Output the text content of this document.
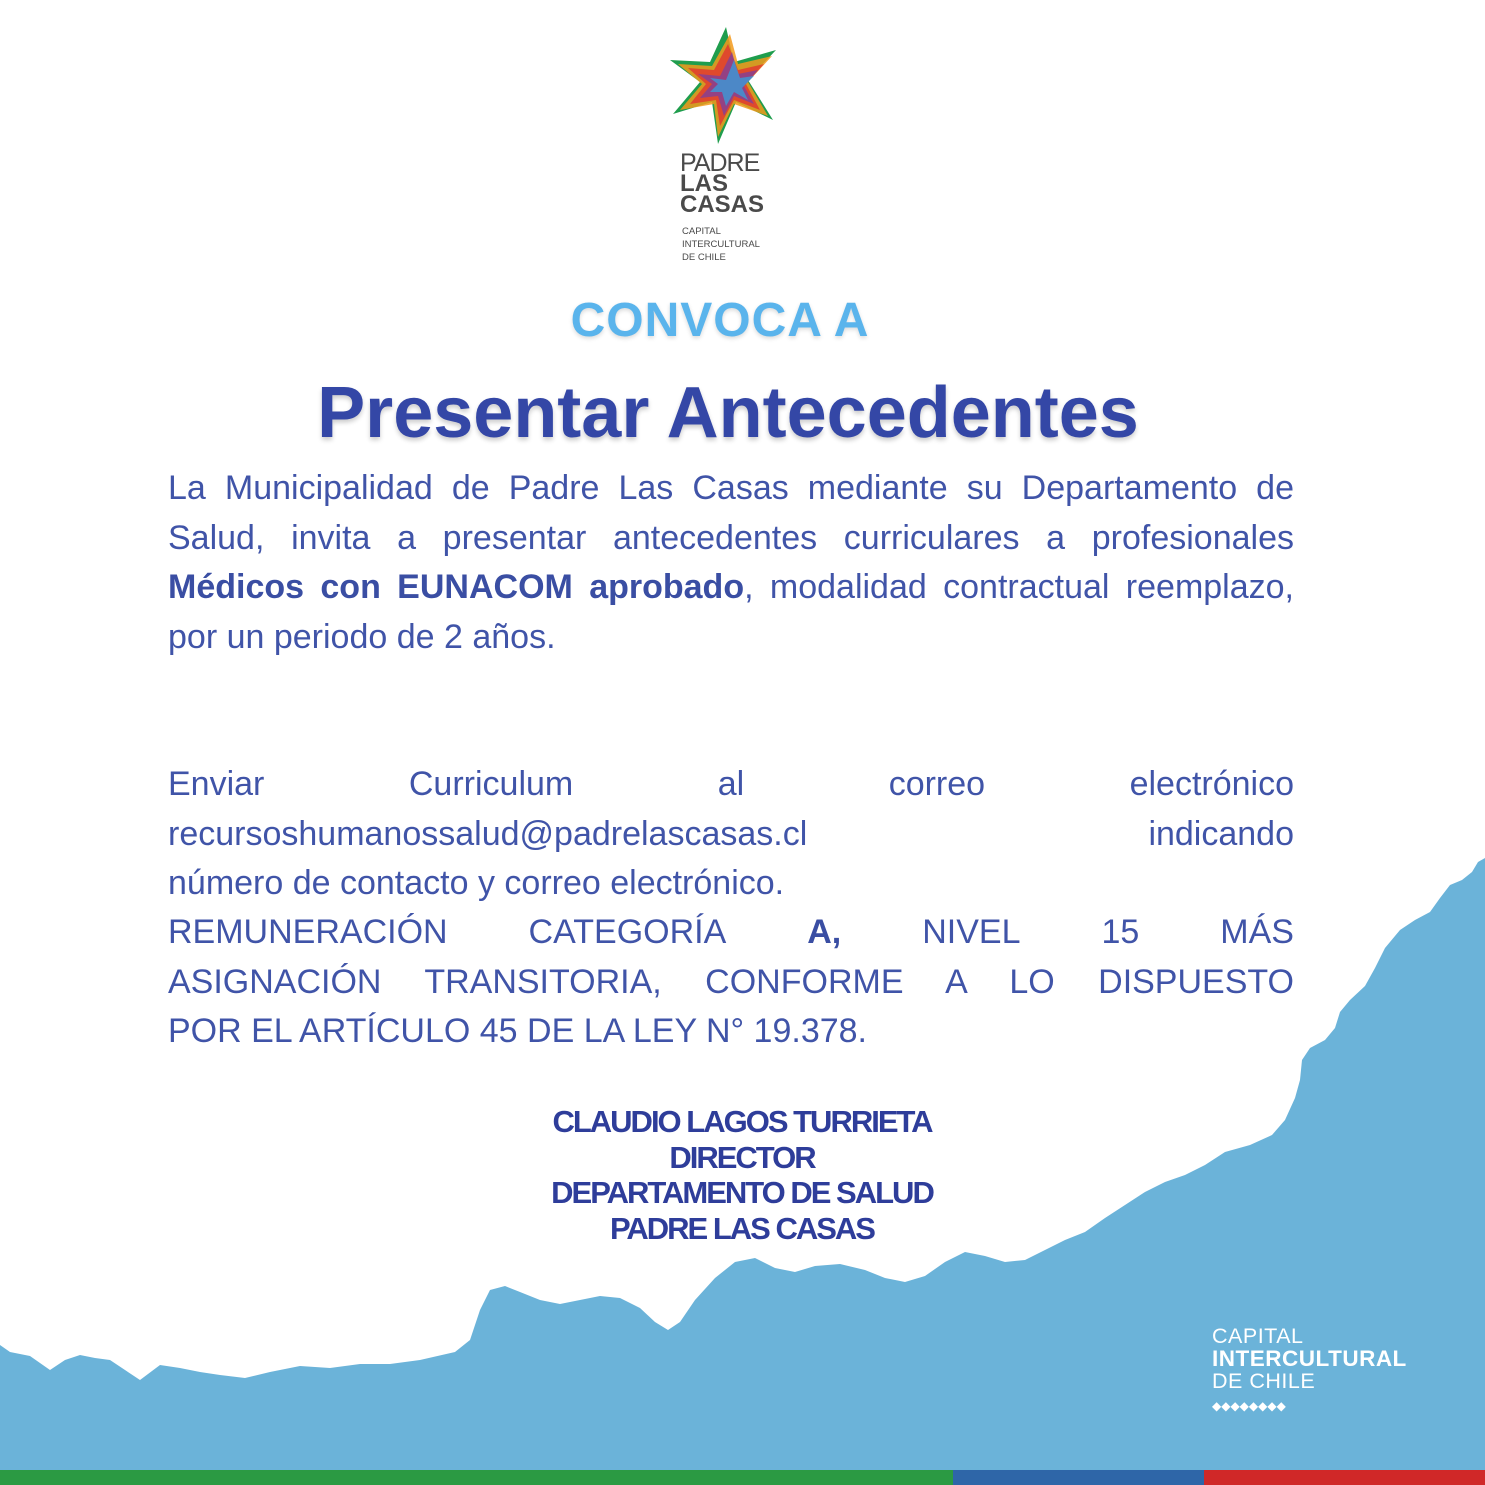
PADRE
LAS
CASAS
CAPITAL
INTERCULTURAL
DE CHILE
CONVOCA A
Presentar Antecedentes
La Municipalidad de Padre Las Casas mediante su Departamento de Salud, invita a presentar antecedentes curriculares a profesionales Médicos con EUNACOM aprobado, modalidad contractual reemplazo, por un periodo de 2 años.
Enviar	Curriculum	al	correo	electrónico
recursoshumanossalud@padrelascasas.cl	indicando
número de contacto y correo electrónico.
REMUNERACIÓN CATEGORÍA A, NIVEL 15 MÁS
ASIGNACIÓN TRANSITORIA, CONFORME A LO DISPUESTO
POR EL ARTÍCULO 45 DE LA LEY N° 19.378.
CLAUDIO LAGOS TURRIETA
DIRECTOR
DEPARTAMENTO DE SALUD
PADRE LAS CASAS
CAPITAL
INTERCULTURAL
DE CHILE
◆◆◆◆◆◆◆◆
